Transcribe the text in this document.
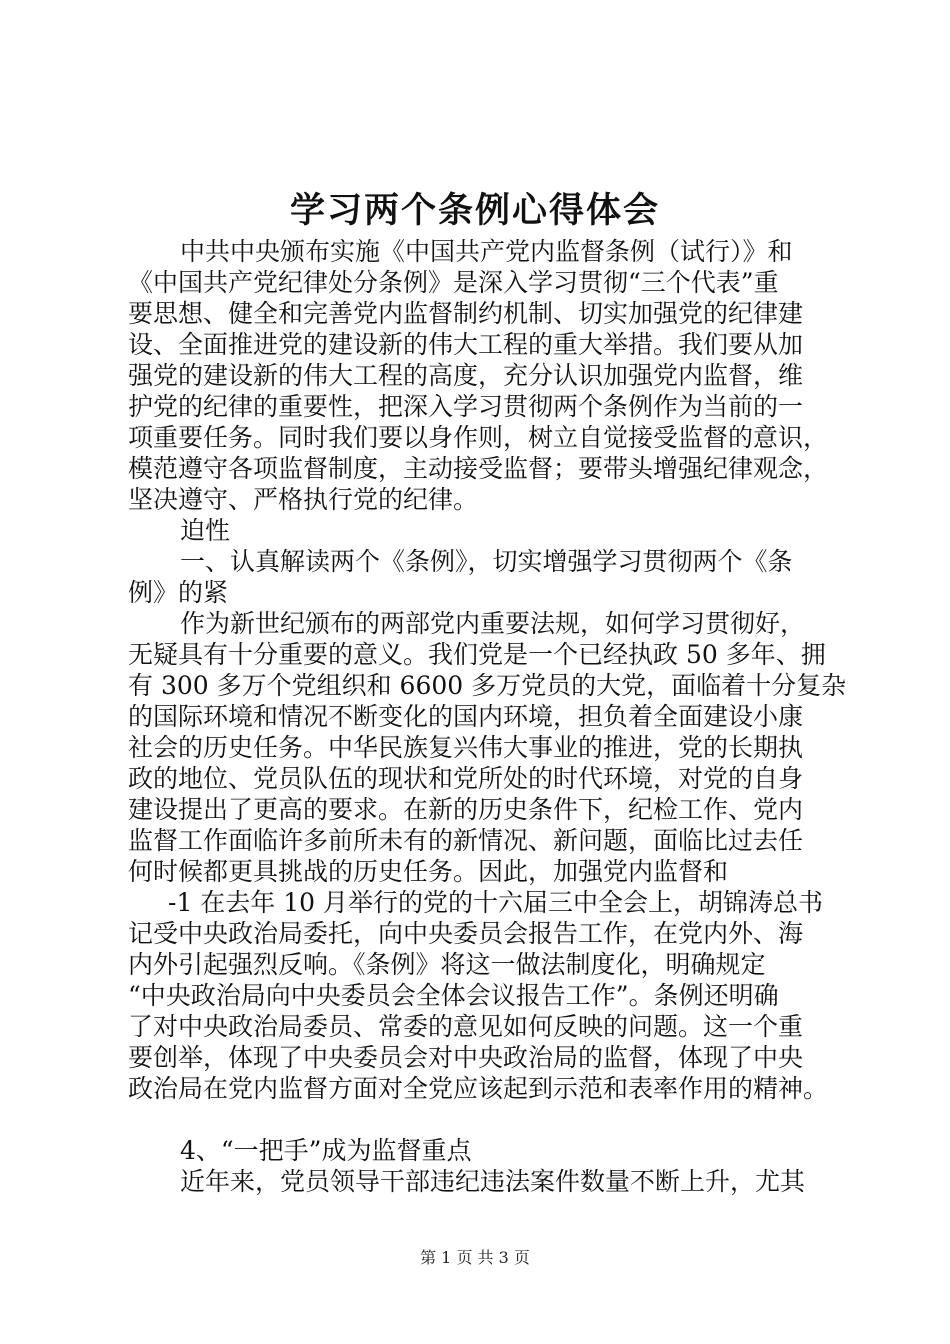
学习两个条例心得体会
中共中央颁布实施《中国共产党内监督条例（试行）》和
《中国共产党纪律处分条例》是深入学习贯彻“三个代表”重
要思想、健全和完善党内监督制约机制、切实加强党的纪律建
设、全面推进党的建设新的伟大工程的重大举措。我们要从加
强党的建设新的伟大工程的高度，充分认识加强党内监督，维
护党的纪律的重要性，把深入学习贯彻两个条例作为当前的一
项重要任务。同时我们要以身作则，树立自觉接受监督的意识，
模范遵守各项监督制度，主动接受监督；要带头增强纪律观念，
坚决遵守、严格执行党的纪律。
迫性
一、认真解读两个《条例》，切实增强学习贯彻两个《条
例》的紧
作为新世纪颁布的两部党内重要法规，如何学习贯彻好，
无疑具有十分重要的意义。我们党是一个已经执政 50 多年、拥
有 300 多万个党组织和 6600 多万党员的大党，面临着十分复杂
的国际环境和情况不断变化的国内环境，担负着全面建设小康
社会的历史任务。中华民族复兴伟大事业的推进，党的长期执
政的地位、党员队伍的现状和党所处的时代环境，对党的自身
建设提出了更高的要求。在新的历史条件下，纪检工作、党内
监督工作面临许多前所未有的新情况、新问题，面临比过去任
何时候都更具挑战的历史任务。因此，加强党内监督和
-1 在去年 10 月举行的党的十六届三中全会上，胡锦涛总书
记受中央政治局委托，向中央委员会报告工作，在党内外、海
内外引起强烈反响。《条例》将这一做法制度化，明确规定
“中央政治局向中央委员会全体会议报告工作”。条例还明确
了对中央政治局委员、常委的意见如何反映的问题。这一个重
要创举，体现了中央委员会对中央政治局的监督，体现了中央
政治局在党内监督方面对全党应该起到示范和表率作用的精神。
4、“一把手”成为监督重点
近年来，党员领导干部违纪违法案件数量不断上升，尤其
第 1 页 共 3 页
